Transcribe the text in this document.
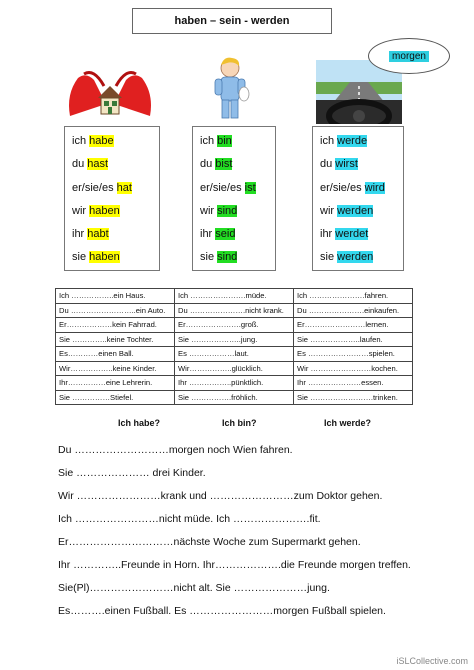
haben – sein - werden
morgen
ich habe
du hast
er/sie/es hat
wir haben
ihr habt
sie haben
ich bin
du bist
er/sie/es ist
wir sind
ihr seid
sie sind
ich werde
du wirst
er/sie/es wird
wir werden
ihr werdet
sie werden
Ich ……………..ein Haus.	Ich ………………….müde.	Ich ………………….fahren.
Du ……………………..ein Auto.	Du ………………….nicht krank.	Du ………………….einkaufen.
Er………………kein Fahrrad.	Er………………….groß.	Er……………………lernen.
Sie …………..keine Tochter.	Sie ………………..jung.	Sie ………………..laufen.
Es…………einen Ball.	Es ………………laut.	Es ……………………spielen.
Wir……………..keine Kinder.	Wir……………..glücklich.	Wir ……………………kochen.
Ihr……………eine Lehrerin.	Ihr ……………..pünktlich.	Ihr …………………essen.
Sie ……………Stiefel.	Sie …………….fröhlich.	Sie …………………….trinken.
Ich habe?	Ich bin?	Ich werde?
Du ………………………morgen noch Wien fahren.
Sie ………………… drei Kinder.
Wir ……………………krank und ……………………zum Doktor gehen.
Ich ……………………nicht müde. Ich ………………….fit.
Er…………………………nächste Woche zum Supermarkt gehen.
Ihr …………..Freunde in Horn. Ihr……………….die Freunde morgen treffen.
Sie(Pl)……………………nicht alt. Sie …………………jung.
Es……….einen Fußball. Es ……………………morgen Fußball spielen.
iSLCollective.com
